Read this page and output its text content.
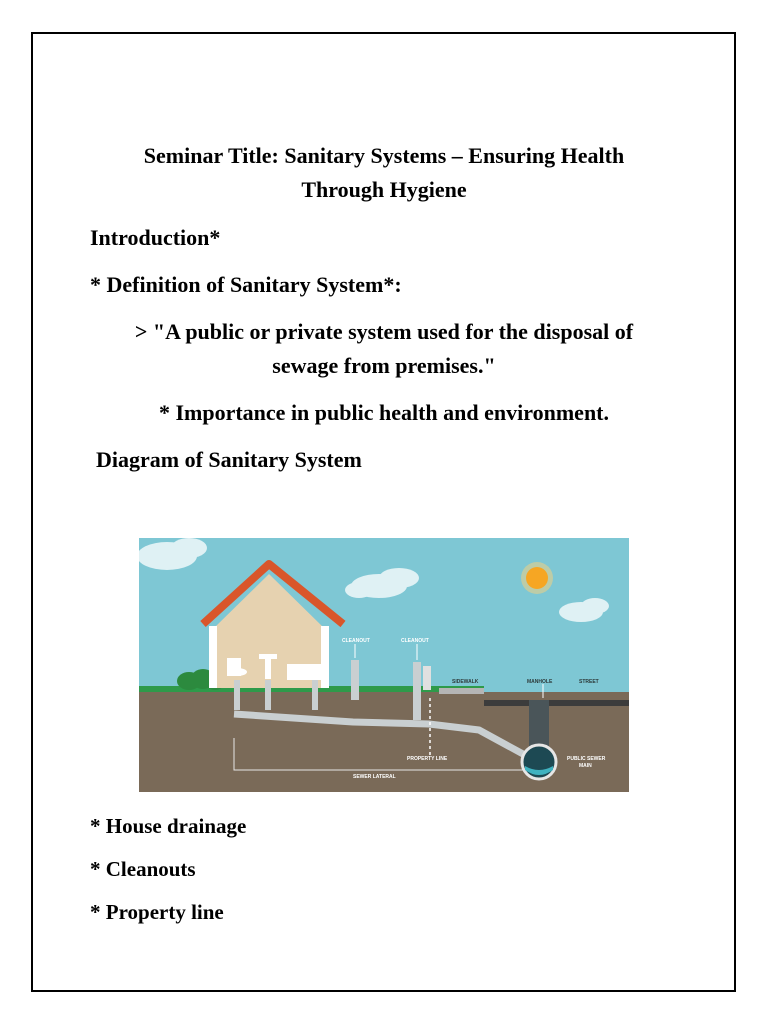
Seminar Title: Sanitary Systems – Ensuring Health

Through Hygiene

Introduction*

* Definition of Sanitary System*:

> "A public or private system used for the disposal of

sewage from premises."

* Importance in public health and environment.

Diagram of Sanitary System

CLEANOUT	CLEANOUT
SIDEWALK	MANHOLE	STREET
PROPERTY LINE	PUBLIC SEWER
MAIN
SEWER LATERAL

* House drainage

* Cleanouts

* Property line
